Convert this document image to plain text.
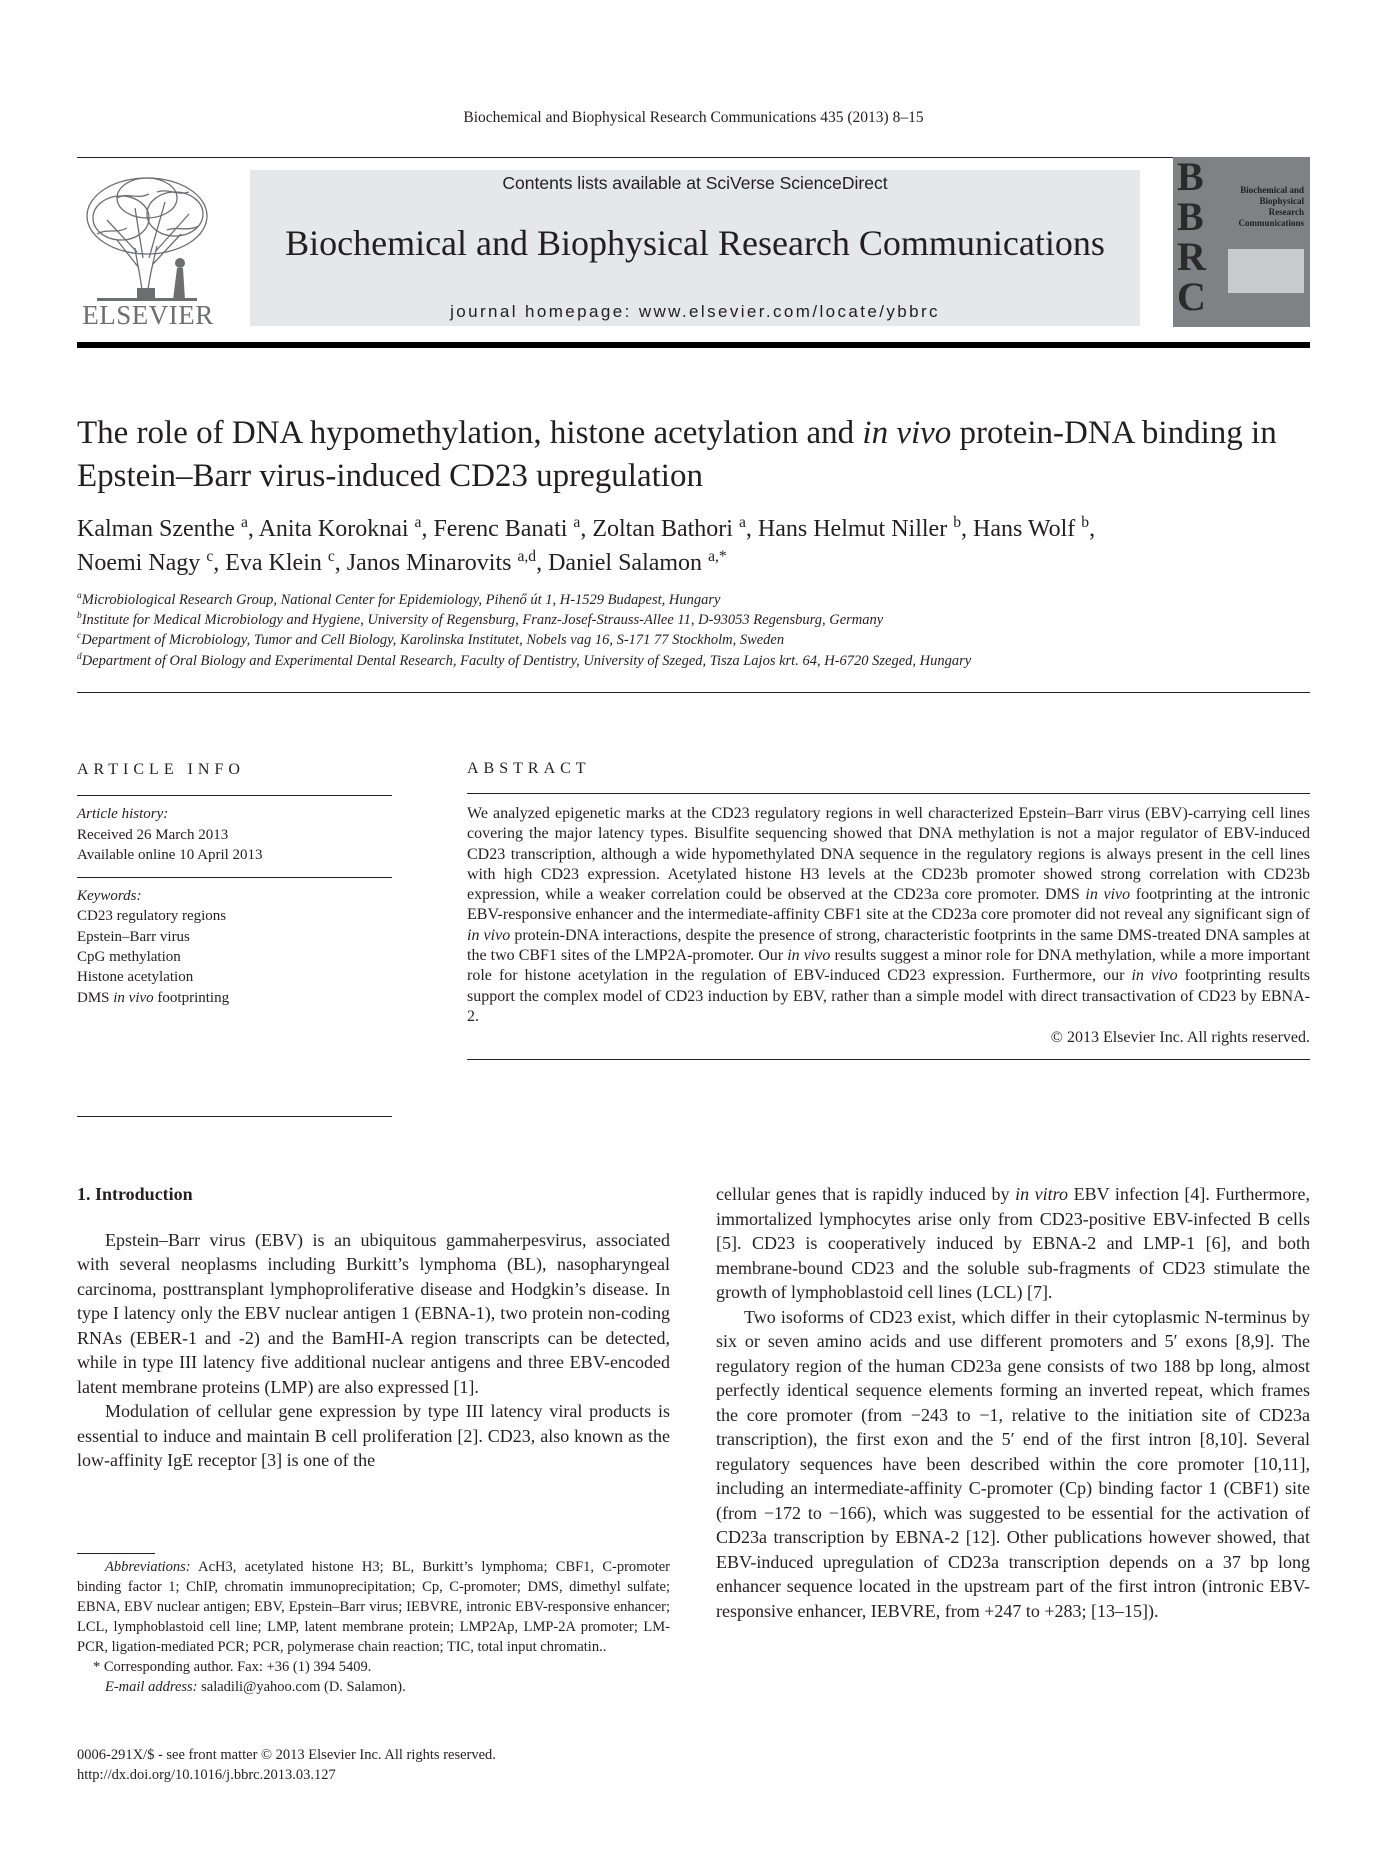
Biochemical and Biophysical Research Communications 435 (2013) 8–15
ELSEVIER
Contents lists available at SciVerse ScienceDirect
Biochemical and Biophysical Research Communications
journal homepage: www.elsevier.com/locate/ybbrc
B
B
R
C
Biochemical and Biophysical Research Communications
The role of DNA hypomethylation, histone acetylation and in vivo protein-DNA binding in Epstein–Barr virus-induced CD23 upregulation
Kalman Szenthe $^a$, Anita Koroknai $^a$, Ferenc Banati $^a$, Zoltan Bathori $^a$, Hans Helmut Niller $^b$, Hans Wolf $^b$,
Noemi Nagy $^c$, Eva Klein $^c$, Janos Minarovits $^{a,d}$, Daniel Salamon $^{a,*}$
$^a$Microbiological Research Group, National Center for Epidemiology, Pihenő út 1, H-1529 Budapest, Hungary
$^b$Institute for Medical Microbiology and Hygiene, University of Regensburg, Franz-Josef-Strauss-Allee 11, D-93053 Regensburg, Germany
$^c$Department of Microbiology, Tumor and Cell Biology, Karolinska Institutet, Nobels vag 16, S-171 77 Stockholm, Sweden
$^d$Department of Oral Biology and Experimental Dental Research, Faculty of Dentistry, University of Szeged, Tisza Lajos krt. 64, H-6720 Szeged, Hungary
ARTICLE INFO
Article history:
Received 26 March 2013
Available online 10 April 2013
Keywords:
CD23 regulatory regions
Epstein–Barr virus
CpG methylation
Histone acetylation
DMS in vivo footprinting
ABSTRACT
We analyzed epigenetic marks at the CD23 regulatory regions in well characterized Epstein–Barr virus (EBV)-carrying cell lines covering the major latency types. Bisulfite sequencing showed that DNA methylation is not a major regulator of EBV-induced CD23 transcription, although a wide hypomethylated DNA sequence in the regulatory regions is always present in the cell lines with high CD23 expression. Acetylated histone H3 levels at the CD23b promoter showed strong correlation with CD23b expression, while a weaker correlation could be observed at the CD23a core promoter. DMS in vivo footprinting at the intronic EBV-responsive enhancer and the intermediate-affinity CBF1 site at the CD23a core promoter did not reveal any significant sign of in vivo protein-DNA interactions, despite the presence of strong, characteristic footprints in the same DMS-treated DNA samples at the two CBF1 sites of the LMP2A-promoter. Our in vivo results suggest a minor role for DNA methylation, while a more important role for histone acetylation in the regulation of EBV-induced CD23 expression. Furthermore, our in vivo footprinting results support the complex model of CD23 induction by EBV, rather than a simple model with direct transactivation of CD23 by EBNA-2.
© 2013 Elsevier Inc. All rights reserved.
1. Introduction

Epstein–Barr virus (EBV) is an ubiquitous gammaherpesvirus, associated with several neoplasms including Burkitt’s lymphoma (BL), nasopharyngeal carcinoma, posttransplant lymphoproliferative disease and Hodgkin’s disease. In type I latency only the EBV nuclear antigen 1 (EBNA-1), two protein non-coding RNAs (EBER-1 and -2) and the BamHI-A region transcripts can be detected, while in type III latency five additional nuclear antigens and three EBV-encoded latent membrane proteins (LMP) are also expressed [1].

Modulation of cellular gene expression by type III latency viral products is essential to induce and maintain B cell proliferation [2]. CD23, also known as the low-affinity IgE receptor [3] is one of the

Abbreviations: AcH3, acetylated histone H3; BL, Burkitt’s lymphoma; CBF1, C-promoter binding factor 1; ChIP, chromatin immunoprecipitation; Cp, C-promoter; DMS, dimethyl sulfate; EBNA, EBV nuclear antigen; EBV, Epstein–Barr virus; IEBVRE, intronic EBV-responsive enhancer; LCL, lymphoblastoid cell line; LMP, latent membrane protein; LMP2Ap, LMP-2A promoter; LM-PCR, ligation-mediated PCR; PCR, polymerase chain reaction; TIC, total input chromatin..
* Corresponding author. Fax: +36 (1) 394 5409.
E-mail address: saladili@yahoo.com (D. Salamon).

cellular genes that is rapidly induced by in vitro EBV infection [4]. Furthermore, immortalized lymphocytes arise only from CD23-positive EBV-infected B cells [5]. CD23 is cooperatively induced by EBNA-2 and LMP-1 [6], and both membrane-bound CD23 and the soluble sub-fragments of CD23 stimulate the growth of lymphoblastoid cell lines (LCL) [7].

Two isoforms of CD23 exist, which differ in their cytoplasmic N-terminus by six or seven amino acids and use different promoters and 5′ exons [8,9]. The regulatory region of the human CD23a gene consists of two 188 bp long, almost perfectly identical sequence elements forming an inverted repeat, which frames the core promoter (from −243 to −1, relative to the initiation site of CD23a transcription), the first exon and the 5′ end of the first intron [8,10]. Several regulatory sequences have been described within the core promoter [10,11], including an intermediate-affinity C-promoter (Cp) binding factor 1 (CBF1) site (from −172 to −166), which was suggested to be essential for the activation of CD23a transcription by EBNA-2 [12]. Other publications however showed, that EBV-induced upregulation of CD23a transcription depends on a 37 bp long enhancer sequence located in the upstream part of the first intron (intronic EBV-responsive enhancer, IEBVRE, from +247 to +283; [13–15]).

0006-291X/$ - see front matter © 2013 Elsevier Inc. All rights reserved.
http://dx.doi.org/10.1016/j.bbrc.2013.03.127
